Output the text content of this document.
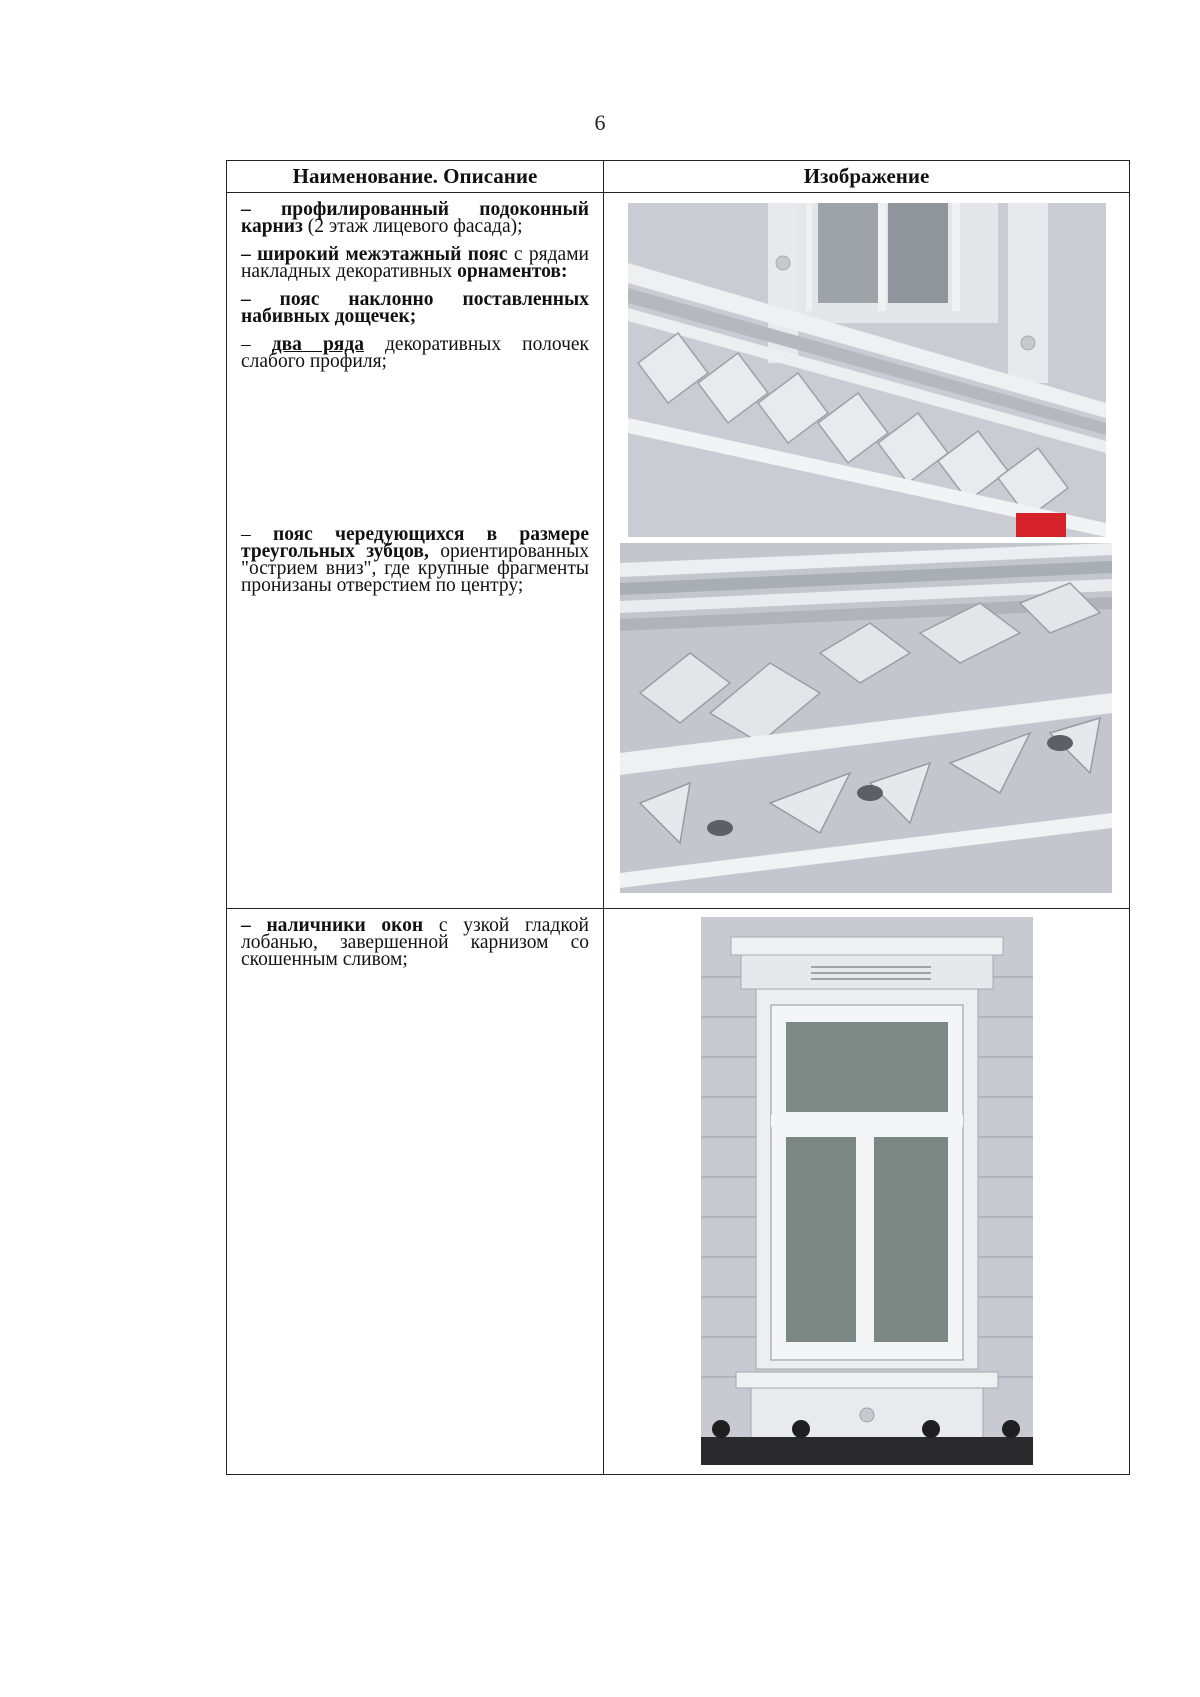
6
Наименование. Описание	Изображение

– профилированный подоконный карниз (2 этаж лицевого фасада);

– широкий межэтажный пояс с рядами накладных декоративных орнаментов:

– пояс наклонно поставленных набивных дощечек;

– два ряда декоративных полочек слабого профиля;

– пояс чередующихся в размере треугольных зубцов, ориентированных "острием вниз", где крупные фрагменты пронизаны отверстием по центру;

– наличники окон с узкой гладкой лобанью, завершенной карнизом со скошенным сливом;
